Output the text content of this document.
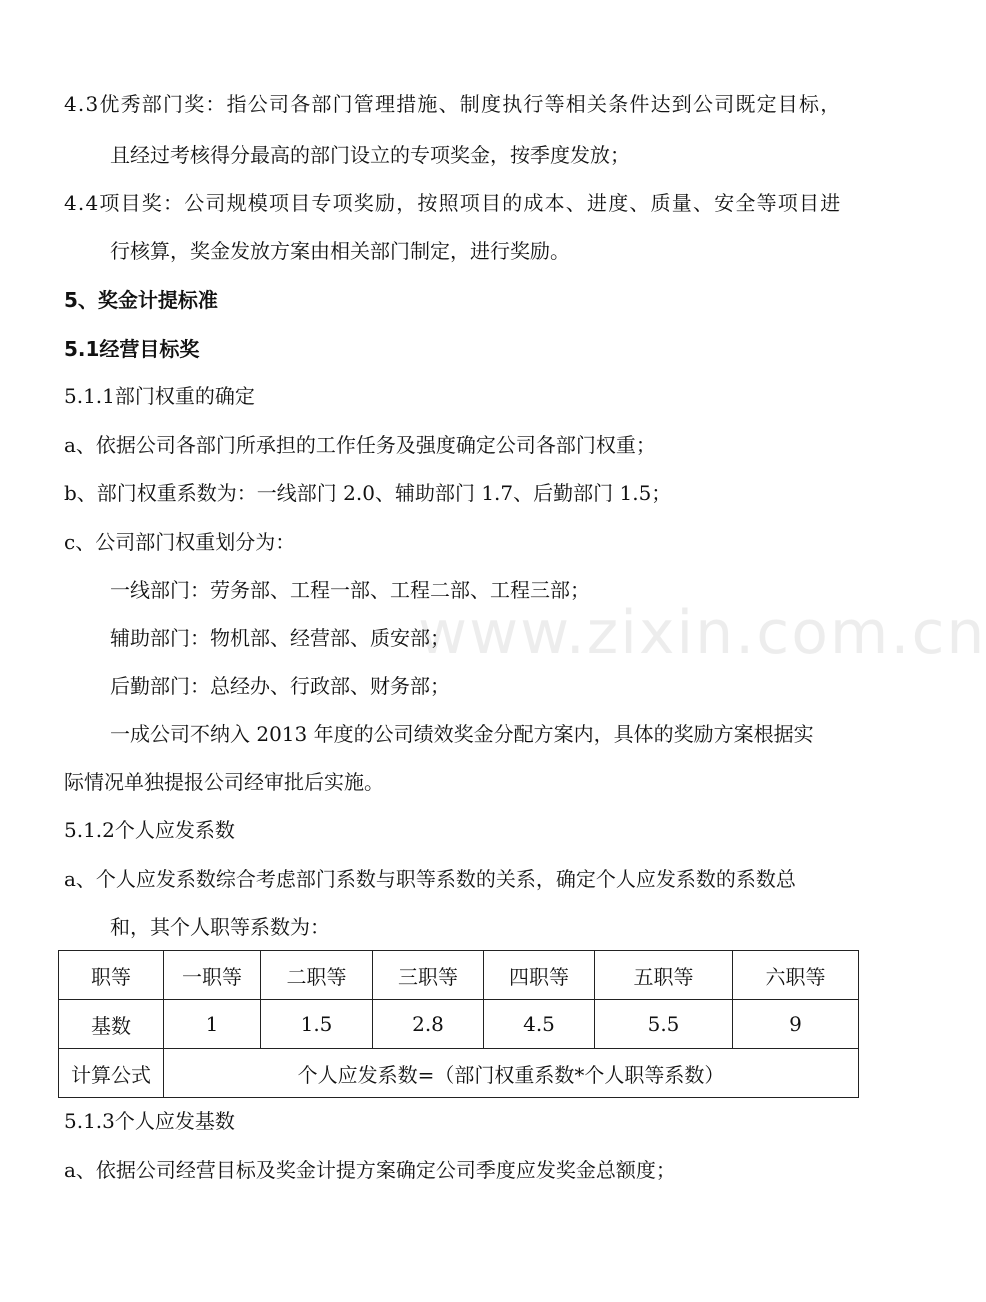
www.zixin.com.cn
4.3优秀部门奖：指公司各部门管理措施、制度执行等相关条件达到公司既定目标，
且经过考核得分最高的部门设立的专项奖金，按季度发放；
4.4项目奖：公司规模项目专项奖励，按照项目的成本、进度、质量、安全等项目进
行核算，奖金发放方案由相关部门制定，进行奖励。
5、奖金计提标准
5.1经营目标奖
5.1.1部门权重的确定
a、依据公司各部门所承担的工作任务及强度确定公司各部门权重；
b、部门权重系数为：一线部门 2.0、辅助部门 1.7、后勤部门 1.5；
c、公司部门权重划分为：
一线部门：劳务部、工程一部、工程二部、工程三部；
辅助部门：物机部、经营部、质安部；
后勤部门：总经办、行政部、财务部；
一成公司不纳入 2013 年度的公司绩效奖金分配方案内，具体的奖励方案根据实
际情况单独提报公司经审批后实施。
5.1.2个人应发系数
a、个人应发系数综合考虑部门系数与职等系数的关系，确定个人应发系数的系数总
和，其个人职等系数为：
职等	一职等	二职等	三职等	四职等	五职等	六职等
基数	1	1.5	2.8	4.5	5.5	9
计算公式	个人应发系数=（部门权重系数*个人职等系数）					
5.1.3个人应发基数
a、依据公司经营目标及奖金计提方案确定公司季度应发奖金总额度；
